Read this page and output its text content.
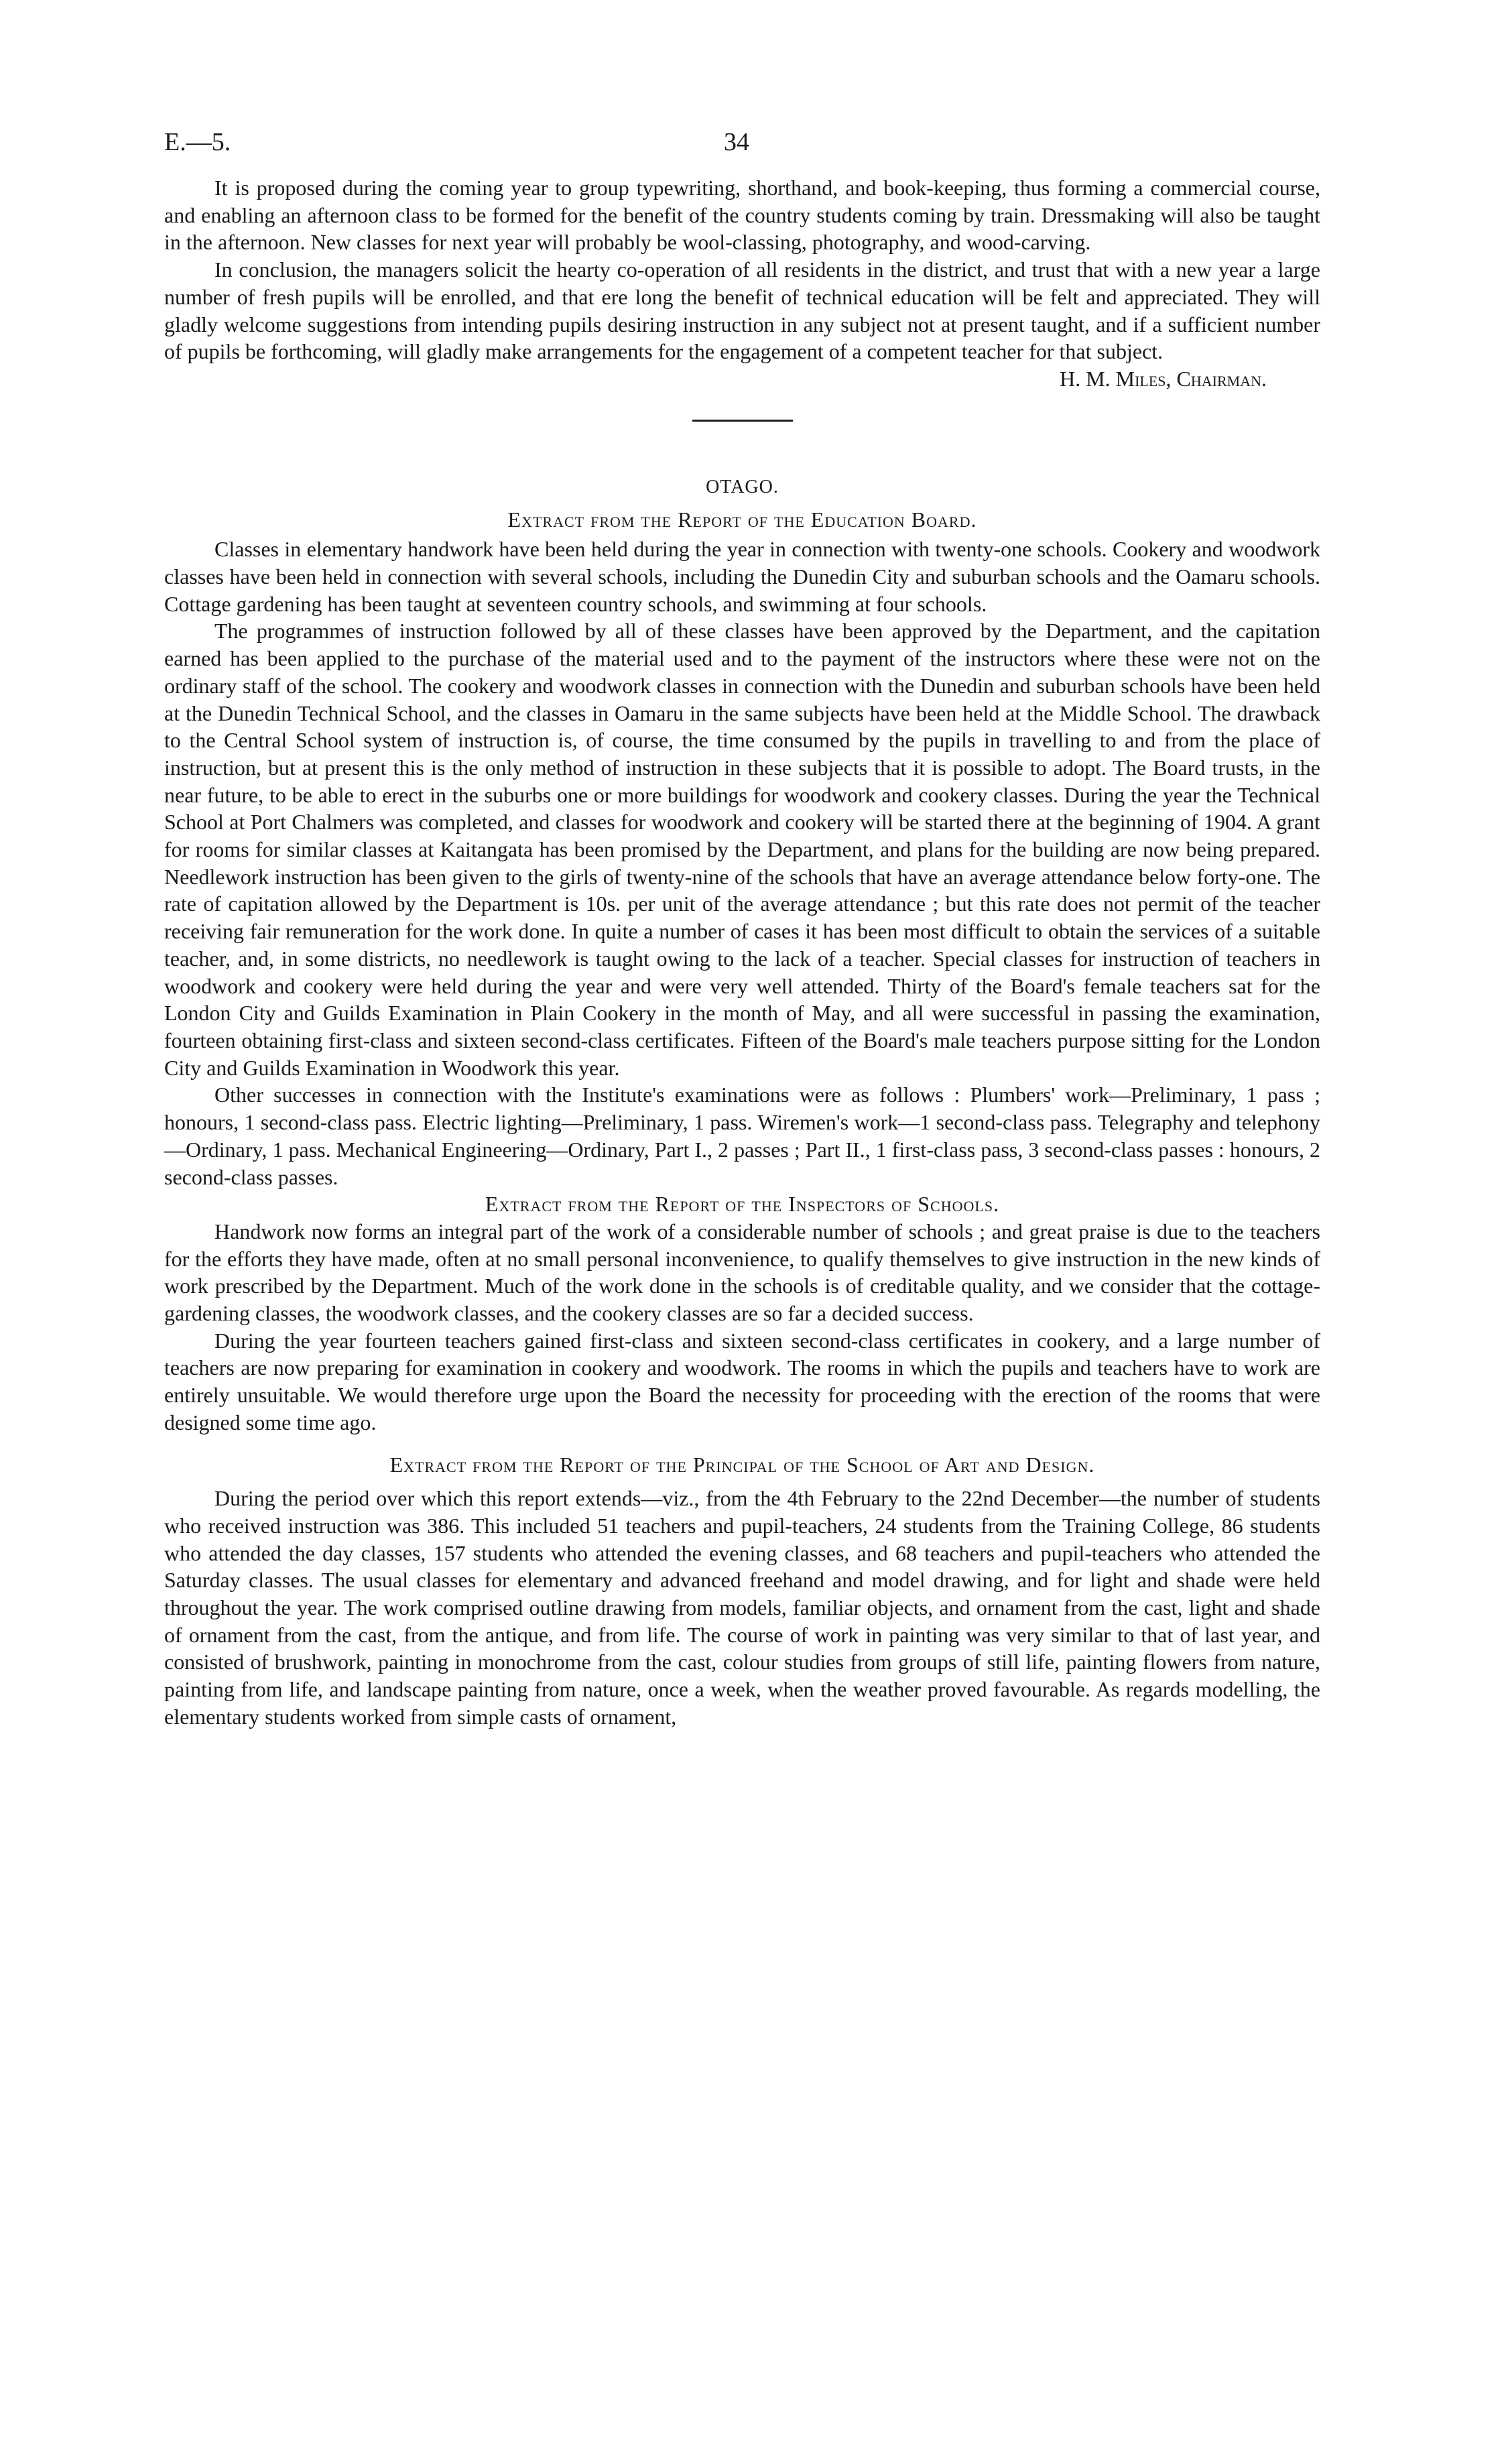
E.—5.	34

It is proposed during the coming year to group typewriting, shorthand, and book-keeping, thus forming a commercial course, and enabling an afternoon class to be formed for the benefit of the country students coming by train. Dressmaking will also be taught in the afternoon. New classes for next year will probably be wool-classing, photography, and wood-carving.

In conclusion, the managers solicit the hearty co-operation of all residents in the district, and trust that with a new year a large number of fresh pupils will be enrolled, and that ere long the benefit of technical education will be felt and appreciated. They will gladly welcome suggestions from intending pupils desiring instruction in any subject not at present taught, and if a sufficient number of pupils be forthcoming, will gladly make arrangements for the engagement of a competent teacher for that subject.

H. M. Miles, Chairman.
OTAGO.
Extract from the Report of the Education Board.

Classes in elementary handwork have been held during the year in connection with twenty-one schools. Cookery and woodwork classes have been held in connection with several schools, including the Dunedin City and suburban schools and the Oamaru schools. Cottage gardening has been taught at seventeen country schools, and swimming at four schools.

The programmes of instruction followed by all of these classes have been approved by the Department, and the capitation earned has been applied to the purchase of the material used and to the payment of the instructors where these were not on the ordinary staff of the school. The cookery and woodwork classes in connection with the Dunedin and suburban schools have been held at the Dunedin Technical School, and the classes in Oamaru in the same subjects have been held at the Middle School. The drawback to the Central School system of instruction is, of course, the time consumed by the pupils in travelling to and from the place of instruction, but at present this is the only method of instruction in these subjects that it is possible to adopt. The Board trusts, in the near future, to be able to erect in the suburbs one or more buildings for woodwork and cookery classes. During the year the Technical School at Port Chalmers was completed, and classes for woodwork and cookery will be started there at the beginning of 1904. A grant for rooms for similar classes at Kaitangata has been promised by the Department, and plans for the building are now being prepared. Needlework instruction has been given to the girls of twenty-nine of the schools that have an average attendance below forty-one. The rate of capitation allowed by the Department is 10s. per unit of the average attendance ; but this rate does not permit of the teacher receiving fair remuneration for the work done. In quite a number of cases it has been most difficult to obtain the services of a suitable teacher, and, in some districts, no needlework is taught owing to the lack of a teacher. Special classes for instruction of teachers in woodwork and cookery were held during the year and were very well attended. Thirty of the Board's female teachers sat for the London City and Guilds Examination in Plain Cookery in the month of May, and all were successful in passing the examination, fourteen obtaining first-class and sixteen second-class certificates. Fifteen of the Board's male teachers purpose sitting for the London City and Guilds Examination in Woodwork this year.

Other successes in connection with the Institute's examinations were as follows : Plumbers' work—Preliminary, 1 pass ; honours, 1 second-class pass. Electric lighting—Preliminary, 1 pass. Wiremen's work—1 second-class pass. Telegraphy and telephony—Ordinary, 1 pass. Mechanical Engineering—Ordinary, Part I., 2 passes ; Part II., 1 first-class pass, 3 second-class passes : honours, 2 second-class passes.

Extract from the Report of the Inspectors of Schools.

Handwork now forms an integral part of the work of a considerable number of schools ; and great praise is due to the teachers for the efforts they have made, often at no small personal inconvenience, to qualify themselves to give instruction in the new kinds of work prescribed by the Department. Much of the work done in the schools is of creditable quality, and we consider that the cottage-gardening classes, the woodwork classes, and the cookery classes are so far a decided success.

During the year fourteen teachers gained first-class and sixteen second-class certificates in cookery, and a large number of teachers are now preparing for examination in cookery and woodwork. The rooms in which the pupils and teachers have to work are entirely unsuitable. We would therefore urge upon the Board the necessity for proceeding with the erection of the rooms that were designed some time ago.

Extract from the Report of the Principal of the School of Art and Design.

During the period over which this report extends—viz., from the 4th February to the 22nd December—the number of students who received instruction was 386. This included 51 teachers and pupil-teachers, 24 students from the Training College, 86 students who attended the day classes, 157 students who attended the evening classes, and 68 teachers and pupil-teachers who attended the Saturday classes. The usual classes for elementary and advanced freehand and model drawing, and for light and shade were held throughout the year. The work comprised outline drawing from models, familiar objects, and ornament from the cast, light and shade of ornament from the cast, from the antique, and from life. The course of work in painting was very similar to that of last year, and consisted of brushwork, painting in monochrome from the cast, colour studies from groups of still life, painting flowers from nature, painting from life, and landscape painting from nature, once a week, when the weather proved favourable. As regards modelling, the elementary students worked from simple casts of ornament,
